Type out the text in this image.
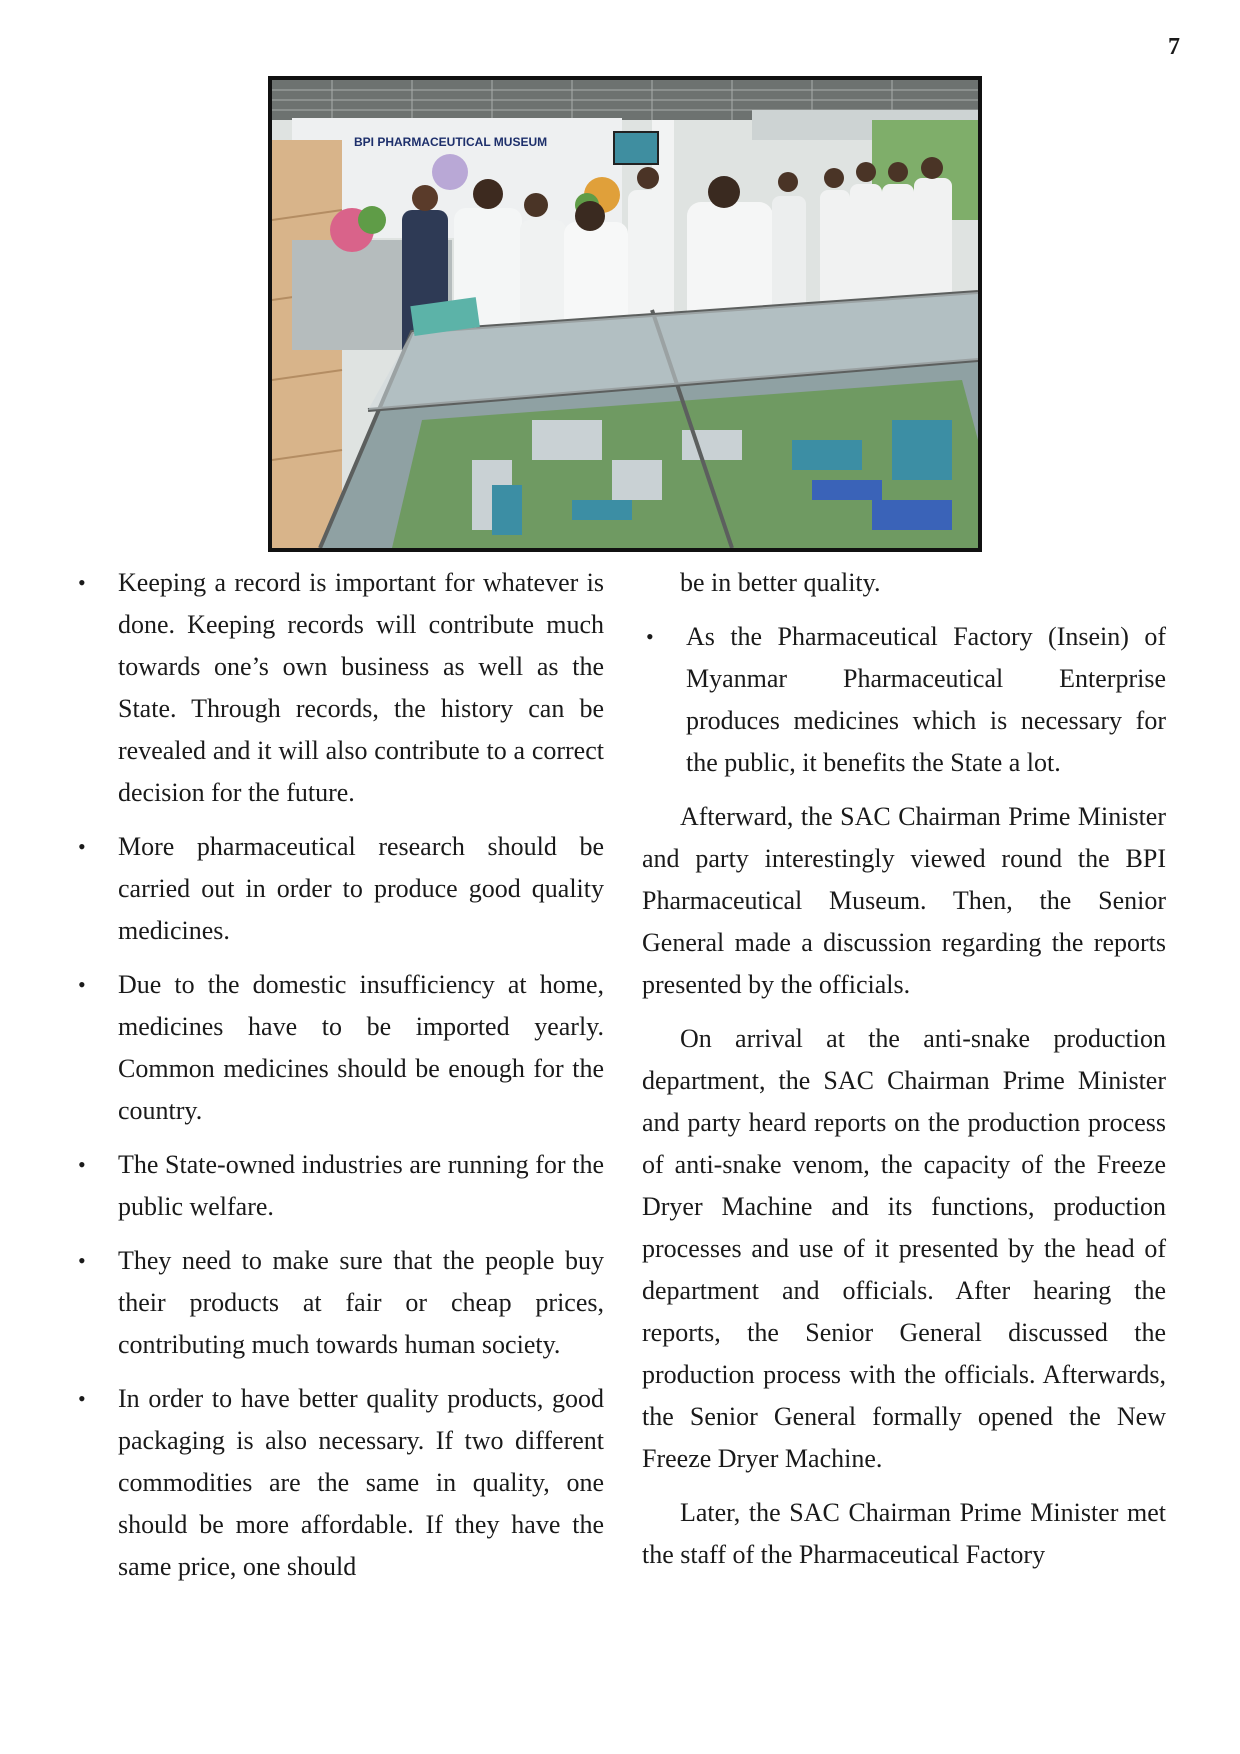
7
BPI PHARMACEUTICAL MUSEUM
• Keeping a record is important for whatever is done. Keeping records will contribute much towards one’s own business as well as the State. Through records, the history can be revealed and it will also contribute to a correct decision for the future.
• More pharmaceutical research should be carried out in order to produce good quality medicines.
• Due to the domestic insufficiency at home, medicines have to be imported yearly. Common medicines should be enough for the country.
• The State-owned industries are running for the public welfare.
• They need to make sure that the people buy their products at fair or cheap prices, contributing much towards human society.
• In order to have better quality products, good packaging is also necessary. If two different commodities are the same in quality, one should be more affordable. If they have the same price, one should

be in better quality.

• As the Pharmaceutical Factory (Insein) of Myanmar Pharmaceutical Enterprise produces medicines which is necessary for the public, it benefits the State a lot.

Afterward, the SAC Chairman Prime Minister and party interestingly viewed round the BPI Pharmaceutical Museum. Then, the Senior General made a discussion regarding the reports presented by the officials.

On arrival at the anti-snake production department, the SAC Chairman Prime Minister and party heard reports on the production process of anti-snake venom, the capacity of the Freeze Dryer Machine and its functions, production processes and use of it presented by the head of department and officials. After hearing the reports, the Senior General discussed the production process with the officials. Afterwards, the Senior General formally opened the New Freeze Dryer Machine.

Later, the SAC Chairman Prime Minister met the staff of the Pharmaceutical Factory
